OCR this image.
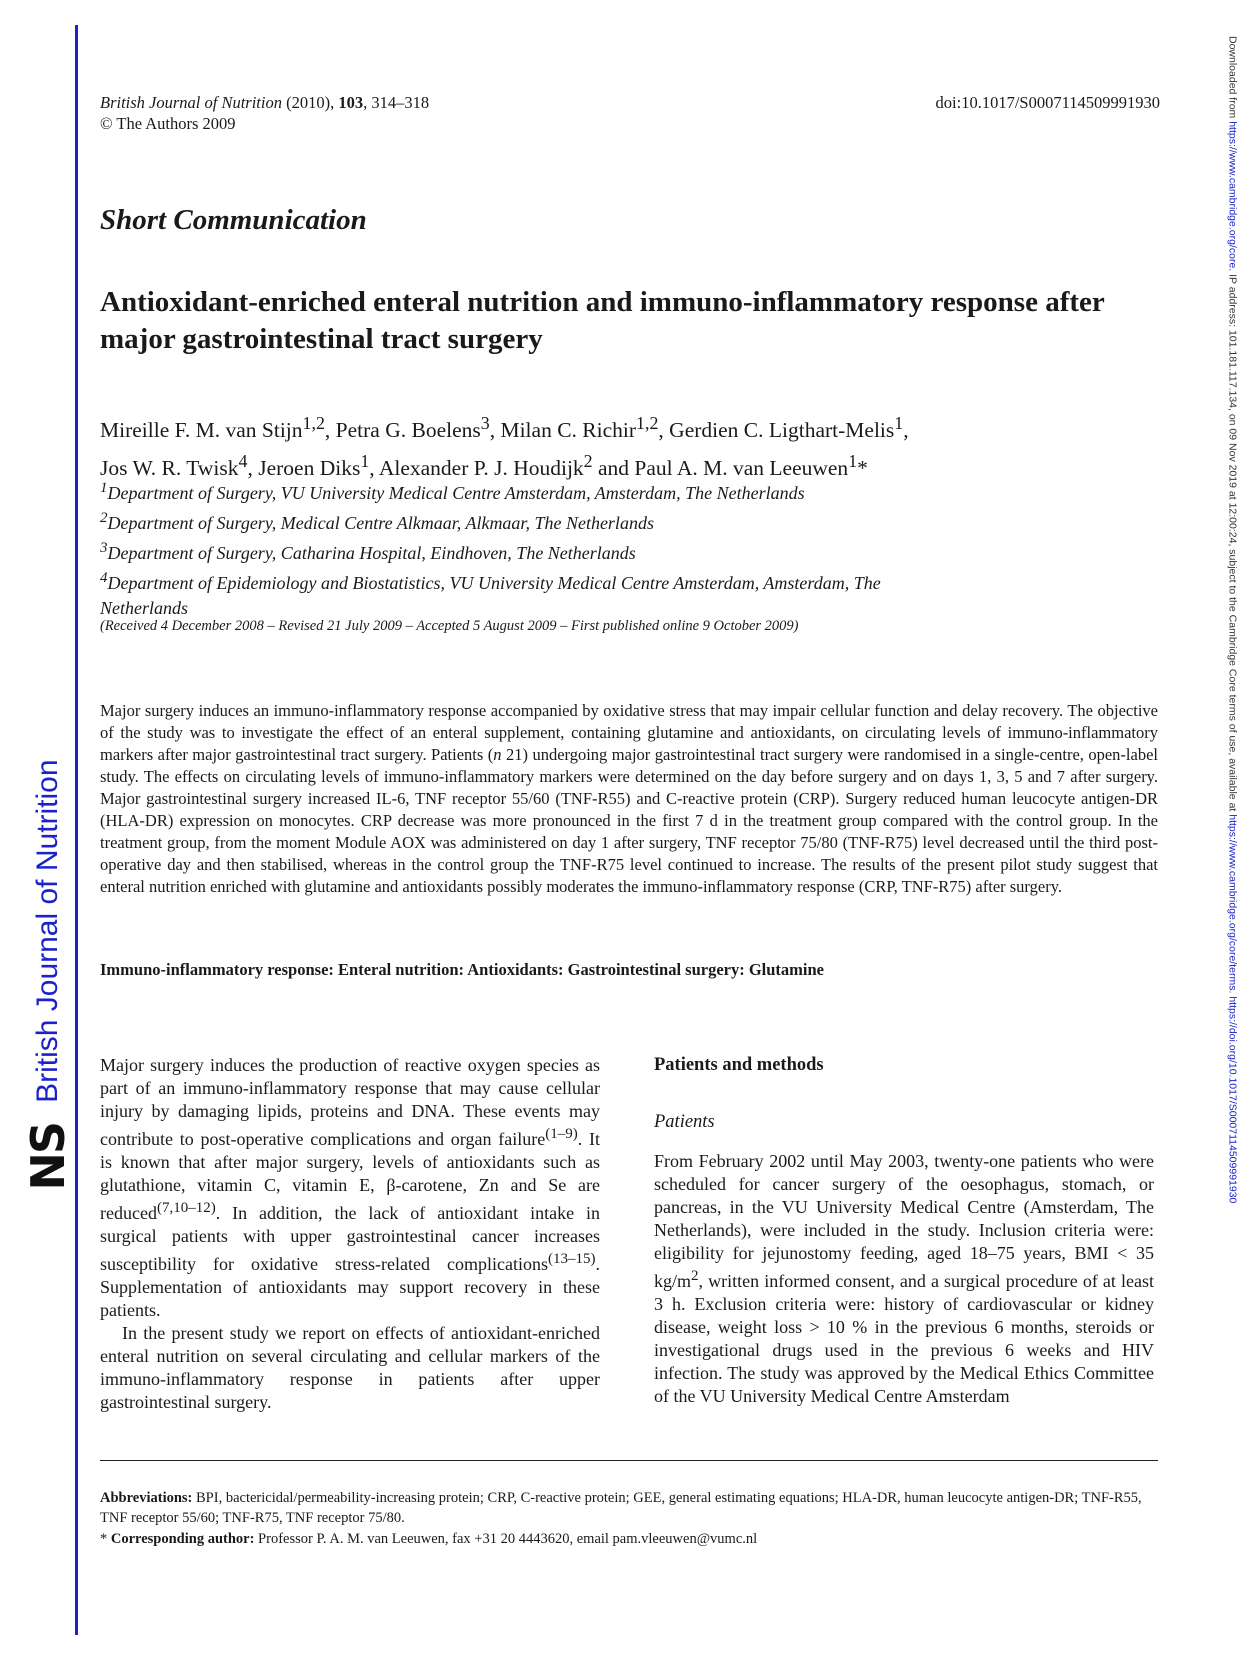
NS
British Journal of Nutrition
Downloaded from https://www.cambridge.org/core. IP address: 101.181.117.134, on 09 Nov 2019 at 12:00:24, subject to the Cambridge Core terms of use, available at https://www.cambridge.org/core/terms. https://doi.org/10.1017/S0007114509991930
British Journal of Nutrition (2010), 103, 314–318
© The Authors 2009
doi:10.1017/S0007114509991930
Short Communication
Antioxidant-enriched enteral nutrition and immuno-inflammatory response after major gastrointestinal tract surgery
Mireille F. M. van Stijn$^{1,2}$, Petra G. Boelens$^3$, Milan C. Richir$^{1,2}$, Gerdien C. Ligthart-Melis$^1$,
Jos W. R. Twisk$^4$, Jeroen Diks$^1$, Alexander P. J. Houdijk$^2$ and Paul A. M. van Leeuwen$^1$*
$^1$Department of Surgery, VU University Medical Centre Amsterdam, Amsterdam, The Netherlands
$^2$Department of Surgery, Medical Centre Alkmaar, Alkmaar, The Netherlands
$^3$Department of Surgery, Catharina Hospital, Eindhoven, The Netherlands
$^4$Department of Epidemiology and Biostatistics, VU University Medical Centre Amsterdam, Amsterdam, The Netherlands
(Received 4 December 2008 – Revised 21 July 2009 – Accepted 5 August 2009 – First published online 9 October 2009)
Major surgery induces an immuno-inflammatory response accompanied by oxidative stress that may impair cellular function and delay recovery. The objective of the study was to investigate the effect of an enteral supplement, containing glutamine and antioxidants, on circulating levels of immuno-inflammatory markers after major gastrointestinal tract surgery. Patients (n 21) undergoing major gastrointestinal tract surgery were randomised in a single-centre, open-label study. The effects on circulating levels of immuno-inflammatory markers were determined on the day before surgery and on days 1, 3, 5 and 7 after surgery. Major gastrointestinal surgery increased IL-6, TNF receptor 55/60 (TNF-R55) and C-reactive protein (CRP). Surgery reduced human leucocyte antigen-DR (HLA-DR) expression on monocytes. CRP decrease was more pronounced in the first 7 d in the treatment group compared with the control group. In the treatment group, from the moment Module AOX was administered on day 1 after surgery, TNF receptor 75/80 (TNF-R75) level decreased until the third post-operative day and then stabilised, whereas in the control group the TNF-R75 level continued to increase. The results of the present pilot study suggest that enteral nutrition enriched with glutamine and antioxidants possibly moderates the immuno-inflammatory response (CRP, TNF-R75) after surgery.
Immuno-inflammatory response: Enteral nutrition: Antioxidants: Gastrointestinal surgery: Glutamine

Major surgery induces the production of reactive oxygen species as part of an immuno-inflammatory response that may cause cellular injury by damaging lipids, proteins and DNA. These events may contribute to post-operative complications and organ failure$^{(1-9)}$. It is known that after major surgery, levels of antioxidants such as glutathione, vitamin C, vitamin E, β-carotene, Zn and Se are reduced$^{(7,10-12)}$. In addition, the lack of antioxidant intake in surgical patients with upper gastrointestinal cancer increases susceptibility for oxidative stress-related complications$^{(13-15)}$. Supplementation of antioxidants may support recovery in these patients.

In the present study we report on effects of antioxidant-enriched enteral nutrition on several circulating and cellular markers of the immuno-inflammatory response in patients after upper gastrointestinal surgery.

Patients and methods

Patients

From February 2002 until May 2003, twenty-one patients who were scheduled for cancer surgery of the oesophagus, stomach, or pancreas, in the VU University Medical Centre (Amsterdam, The Netherlands), were included in the study. Inclusion criteria were: eligibility for jejunostomy feeding, aged 18–75 years, BMI < 35 $kg/m^2$, written informed consent, and a surgical procedure of at least 3 h. Exclusion criteria were: history of cardiovascular or kidney disease, weight loss > 10 % in the previous 6 months, steroids or investigational drugs used in the previous 6 weeks and HIV infection. The study was approved by the Medical Ethics Committee of the VU University Medical Centre Amsterdam

Abbreviations: BPI, bactericidal/permeability-increasing protein; CRP, C-reactive protein; GEE, general estimating equations; HLA-DR, human leucocyte antigen-DR; TNF-R55, TNF receptor 55/60; TNF-R75, TNF receptor 75/80.

* Corresponding author: Professor P. A. M. van Leeuwen, fax +31 20 4443620, email pam.vleeuwen@vumc.nl
